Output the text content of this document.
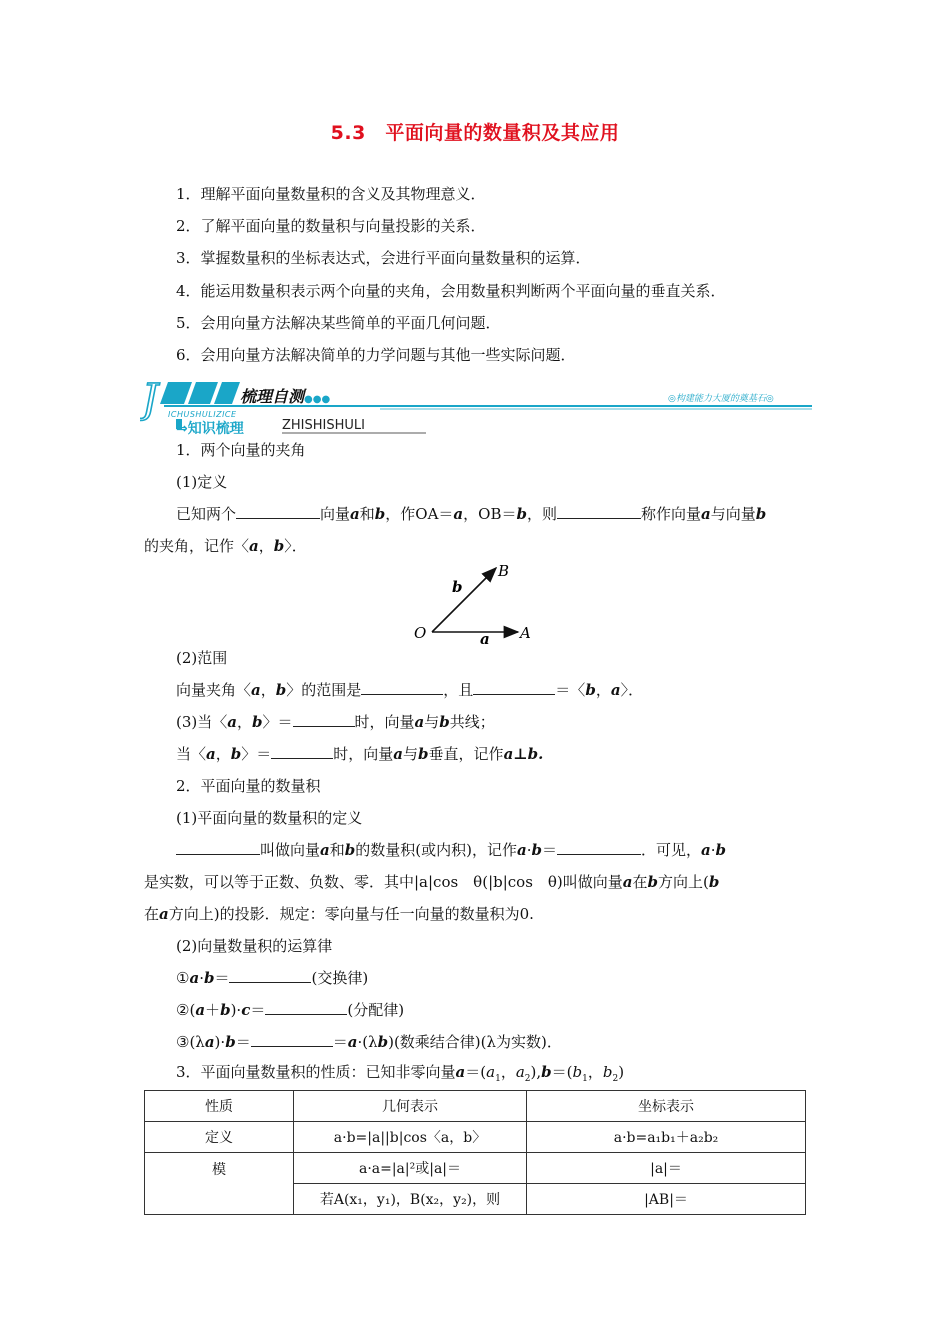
5.3　平面向量的数量积及其应用
1．理解平面向量数量积的含义及其物理意义．
2．了解平面向量的数量积与向量投影的关系．
3．掌握数量积的坐标表达式，会进行平面向量数量积的运算．
4．能运用数量积表示两个向量的夹角，会用数量积判断两个平面向量的垂直关系．
5．会用向量方法解决某些简单的平面几何问题．
6．会用向量方法解决简单的力学问题与其他一些实际问题．
J	梳理自测●●●	◎构建能力大厦的奠基石◎
ICHUSHULIZICE
⇒知识梳理	ZHISHISHULI
1．两个向量的夹角
(1)定义
已知两个	向量a和b，作OA＝a，OB＝b，则	称作向量a与向量b
的夹角，记作〈a，b〉．
O	A
B
b
a
(2)范围
向量夹角〈a，b〉的范围是	，且	＝〈b，a〉．
(3)当〈a，b〉＝	时，向量a与b共线；
当〈a，b〉＝	时，向量a与b垂直，记作a⊥b.
2．平面向量的数量积
(1)平面向量的数量积的定义
叫做向量a和b的数量积(或内积)，记作a·b＝	．可见，a·b
是实数，可以等于正数、负数、零．其中|a|cos　θ(|b|cos　θ)叫做向量a在b方向上(b
在a方向上)的投影．规定：零向量与任一向量的数量积为0.
(2)向量数量积的运算律
①a·b＝	(交换律)
②(a＋b)·c＝	(分配律)
③(λa)·b＝	＝a·(λb)(数乘结合律)(λ为实数)．
3．平面向量数量积的性质：已知非零向量$a=(a_1$，$a_2),b=(b_1$，$b_2$)
性质	几何表示	坐标表示
定义	a·b=|a||b|cos〈a，b〉	a·b=a₁b₁＋a₂b₂
模	a·a=|a|²或|a|＝	|a|＝
	若A(x₁，y₁)，B(x₂，y₂)，则	|AB|＝
